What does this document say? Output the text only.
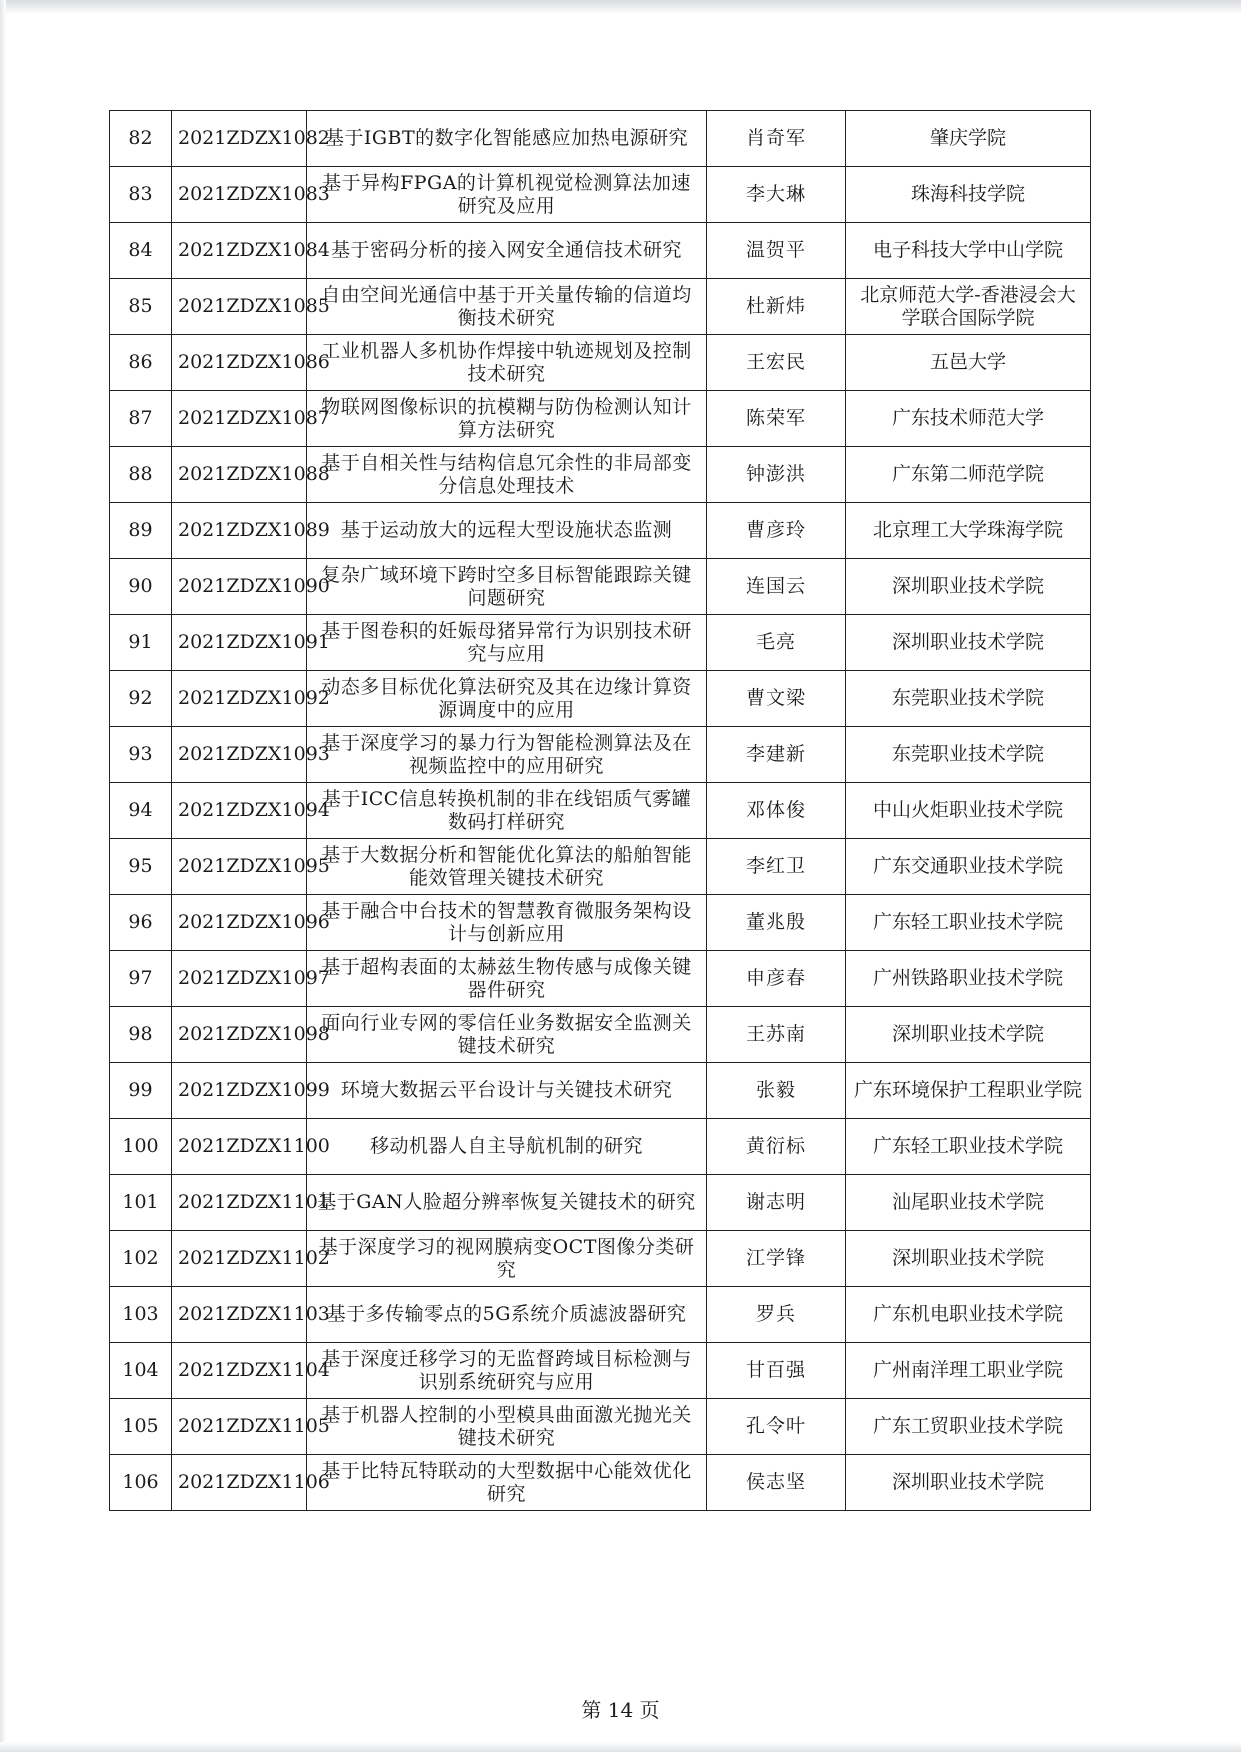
82	2021ZDZX1082	基于IGBT的数字化智能感应加热电源研究	肖奇军	肇庆学院
83	2021ZDZX1083	基于异构FPGA的计算机视觉检测算法加速研究及应用	李大琳	珠海科技学院
84	2021ZDZX1084	基于密码分析的接入网安全通信技术研究	温贺平	电子科技大学中山学院
85	2021ZDZX1085	自由空间光通信中基于开关量传输的信道均衡技术研究	杜新炜	北京师范大学-香港浸会大学联合国际学院
86	2021ZDZX1086	工业机器人多机协作焊接中轨迹规划及控制技术研究	王宏民	五邑大学
87	2021ZDZX1087	物联网图像标识的抗模糊与防伪检测认知计算方法研究	陈荣军	广东技术师范大学
88	2021ZDZX1088	基于自相关性与结构信息冗余性的非局部变分信息处理技术	钟澎洪	广东第二师范学院
89	2021ZDZX1089	基于运动放大的远程大型设施状态监测	曹彦玲	北京理工大学珠海学院
90	2021ZDZX1090	复杂广域环境下跨时空多目标智能跟踪关键问题研究	连国云	深圳职业技术学院
91	2021ZDZX1091	基于图卷积的妊娠母猪异常行为识别技术研究与应用	毛亮	深圳职业技术学院
92	2021ZDZX1092	动态多目标优化算法研究及其在边缘计算资源调度中的应用	曹文梁	东莞职业技术学院
93	2021ZDZX1093	基于深度学习的暴力行为智能检测算法及在视频监控中的应用研究	李建新	东莞职业技术学院
94	2021ZDZX1094	基于ICC信息转换机制的非在线铝质气雾罐数码打样研究	邓体俊	中山火炬职业技术学院
95	2021ZDZX1095	基于大数据分析和智能优化算法的船舶智能能效管理关键技术研究	李红卫	广东交通职业技术学院
96	2021ZDZX1096	基于融合中台技术的智慧教育微服务架构设计与创新应用	董兆殷	广东轻工职业技术学院
97	2021ZDZX1097	基于超构表面的太赫兹生物传感与成像关键器件研究	申彦春	广州铁路职业技术学院
98	2021ZDZX1098	面向行业专网的零信任业务数据安全监测关键技术研究	王苏南	深圳职业技术学院
99	2021ZDZX1099	环境大数据云平台设计与关键技术研究	张毅	广东环境保护工程职业学院
100	2021ZDZX1100	移动机器人自主导航机制的研究	黄衍标	广东轻工职业技术学院
101	2021ZDZX1101	基于GAN人脸超分辨率恢复关键技术的研究	谢志明	汕尾职业技术学院
102	2021ZDZX1102	基于深度学习的视网膜病变OCT图像分类研究	江学锋	深圳职业技术学院
103	2021ZDZX1103	基于多传输零点的5G系统介质滤波器研究	罗兵	广东机电职业技术学院
104	2021ZDZX1104	基于深度迁移学习的无监督跨域目标检测与识别系统研究与应用	甘百强	广州南洋理工职业学院
105	2021ZDZX1105	基于机器人控制的小型模具曲面激光抛光关键技术研究	孔令叶	广东工贸职业技术学院
106	2021ZDZX1106	基于比特瓦特联动的大型数据中心能效优化研究	侯志坚	深圳职业技术学院
第 14 页
